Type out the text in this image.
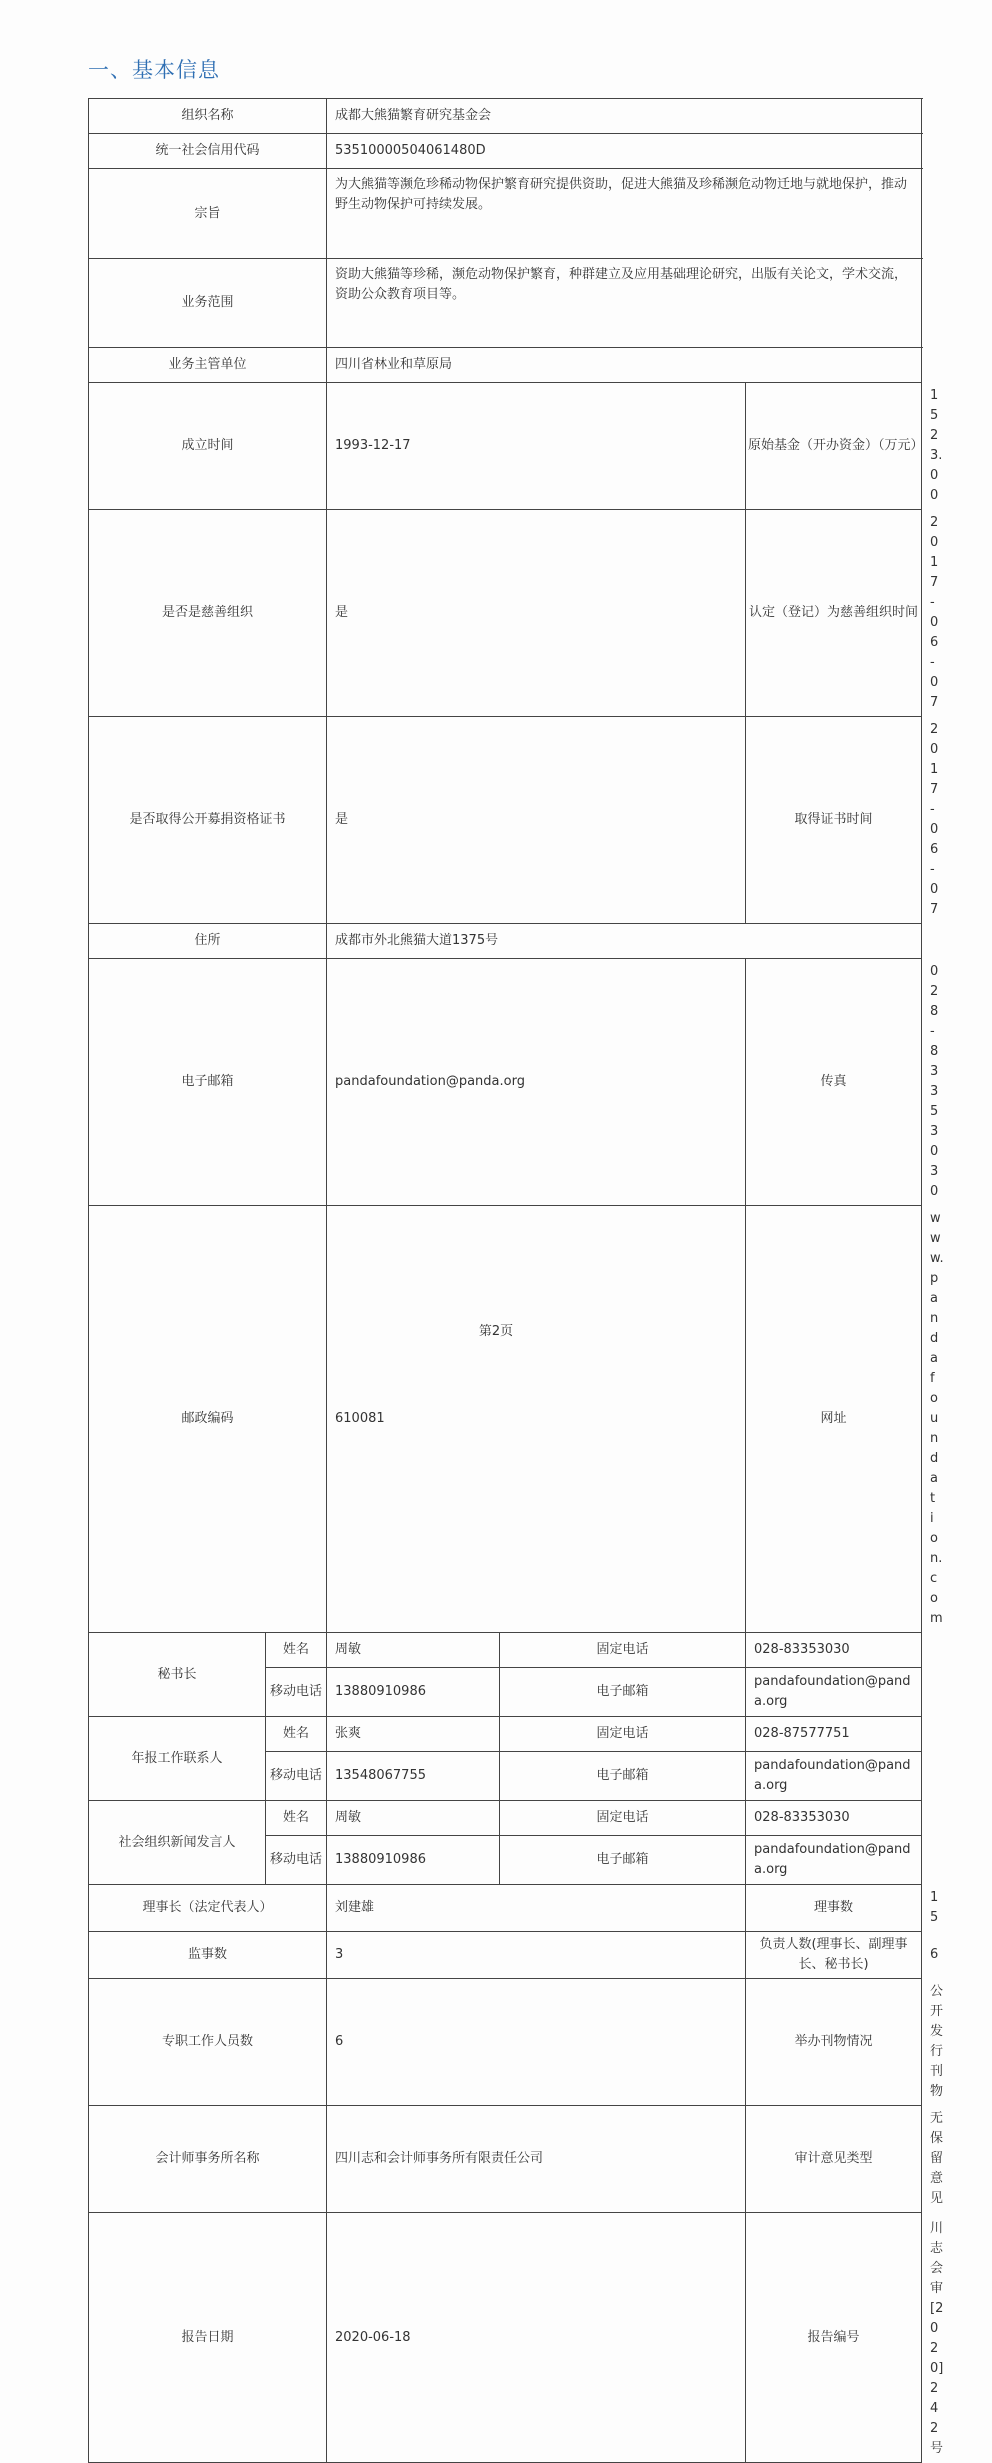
一、基本信息
组织名称		成都大熊猫繁育研究基金会			
统一社会信用代码		53510000504061480D			
宗旨		为大熊猫等濒危珍稀动物保护繁育研究提供资助，促进大熊猫及珍稀濒危动物迁地与就地保护，推动野生动物保护可持续发展。			
业务范围		资助大熊猫等珍稀，濒危动物保护繁育，种群建立及应用基础理论研究，出版有关论文，学术交流，资助公众教育项目等。			
业务主管单位		四川省林业和草原局			
成立时间		1993-12-17		原始基金（开办资金）（万元）	1523.00
是否是慈善组织		是		认定（登记）为慈善组织时间	2017-06-07
是否取得公开募捐资格证书		是		取得证书时间	2017-06-07
住所		成都市外北熊猫大道1375号			
电子邮箱		pandafoundation@panda.org		传真	028-83353030
邮政编码		610081		网址	www.pandafoundation.com
秘书长	姓名	周敏	固定电话	028-83353030	
	移动电话	13880910986	电子邮箱	pandafoundation@panda.org	
年报工作联系人	姓名	张爽	固定电话	028-87577751	
	移动电话	13548067755	电子邮箱	pandafoundation@panda.org	
社会组织新闻发言人	姓名	周敏	固定电话	028-83353030	
	移动电话	13880910986	电子邮箱	pandafoundation@panda.org	
理事长（法定代表人）		刘建雄		理事数	15
监事数		3		负责人数(理事长、副理事长、秘书长)	6
专职工作人员数		6		举办刊物情况	公开发行刊物
会计师事务所名称		四川志和会计师事务所有限责任公司		审计意见类型	无保留意见
报告日期		2020-06-18		报告编号	川志会审[2020]242号
第2页
